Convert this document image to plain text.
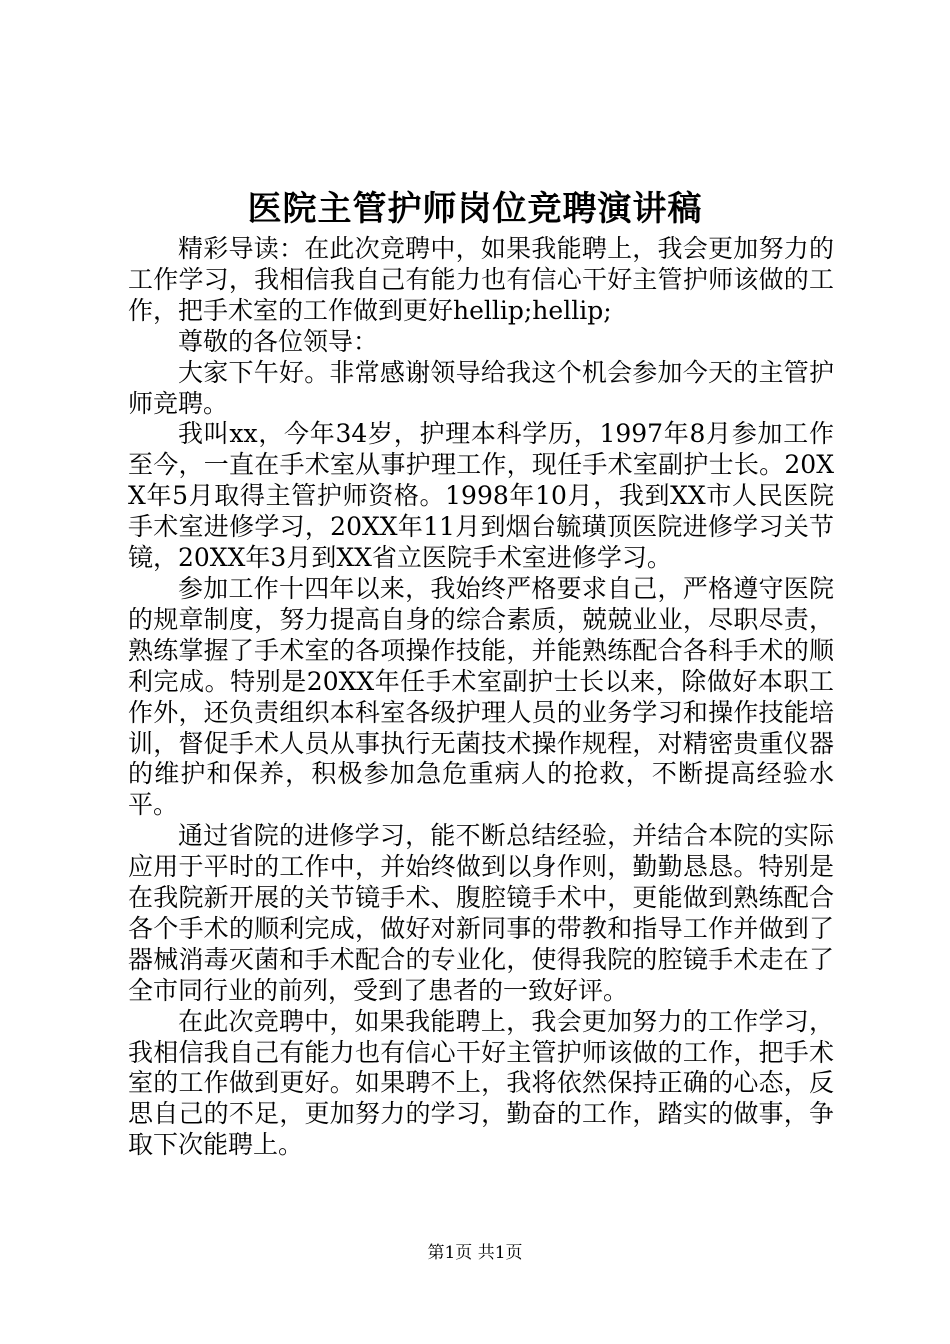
医院主管护师岗位竞聘演讲稿

精彩导读：在此次竞聘中，如果我能聘上，我会更加努力的工作学习，我相信我自己有能力也有信心干好主管护师该做的工作，把手术室的工作做到更好hellip;hellip;

尊敬的各位领导：

大家下午好。非常感谢领导给我这个机会参加今天的主管护师竞聘。

我叫xx，今年34岁，护理本科学历，1997年8月参加工作至今，一直在手术室从事护理工作，现任手术室副护士长。20XX年5月取得主管护师资格。1998年10月，我到XX市人民医院手术室进修学习，20XX年11月到烟台毓璜顶医院进修学习关节镜，20XX年3月到XX省立医院手术室进修学习。

参加工作十四年以来，我始终严格要求自己，严格遵守医院的规章制度，努力提高自身的综合素质，兢兢业业，尽职尽责，熟练掌握了手术室的各项操作技能，并能熟练配合各科手术的顺利完成。特别是20XX年任手术室副护士长以来，除做好本职工作外，还负责组织本科室各级护理人员的业务学习和操作技能培训，督促手术人员从事执行无菌技术操作规程，对精密贵重仪器的维护和保养，积极参加急危重病人的抢救，不断提高经验水平。

通过省院的进修学习，能不断总结经验，并结合本院的实际应用于平时的工作中，并始终做到以身作则，勤勤恳恳。特别是在我院新开展的关节镜手术、腹腔镜手术中，更能做到熟练配合各个手术的顺利完成，做好对新同事的带教和指导工作并做到了器械消毒灭菌和手术配合的专业化，使得我院的腔镜手术走在了全市同行业的前列，受到了患者的一致好评。

在此次竞聘中，如果我能聘上，我会更加努力的工作学习，我相信我自己有能力也有信心干好主管护师该做的工作，把手术室的工作做到更好。如果聘不上，我将依然保持正确的心态，反思自己的不足，更加努力的学习，勤奋的工作，踏实的做事，争取下次能聘上。

第1页 共1页
